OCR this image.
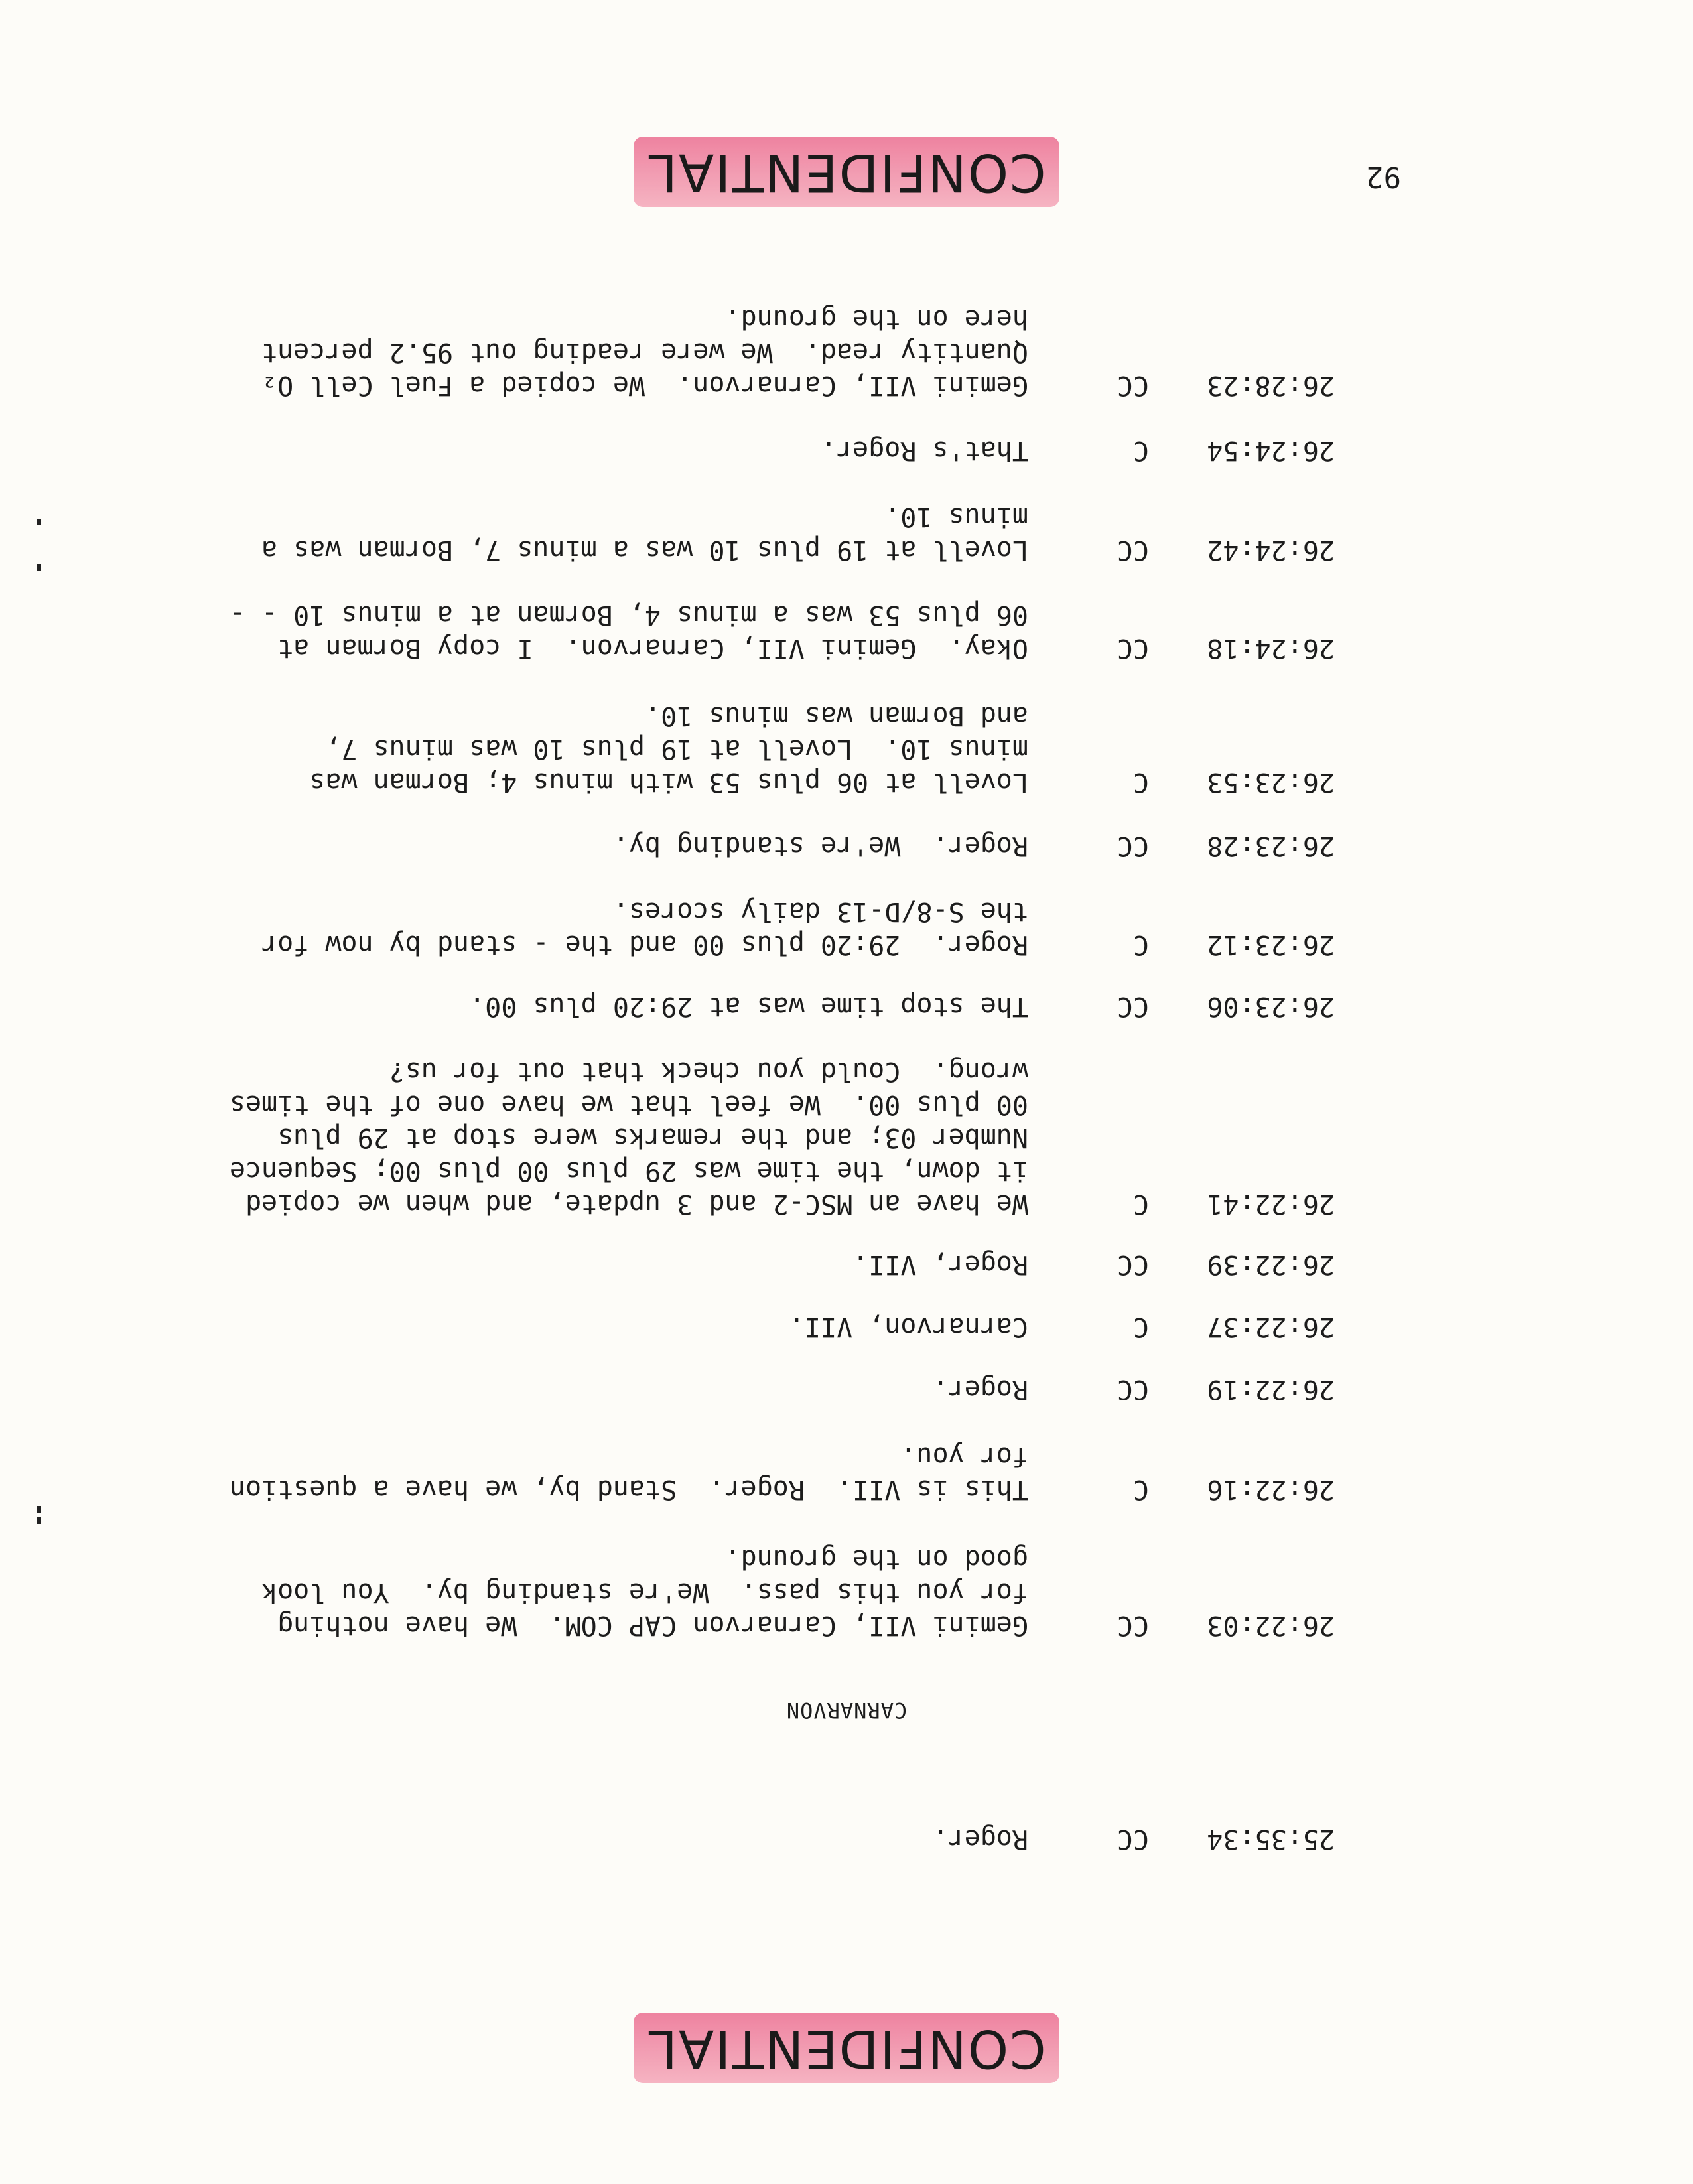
CONFIDENTIAL
CARNARVON
25:35:34
CC
Roger.
26:22:03
CC
Gemini VII, Carnarvon CAP COM.  We have nothing
for you this pass.  We're standing by.  You look
good on the ground.
26:22:16
C
This is VII.  Roger.  Stand by, we have a question
for you.
26:22:19
CC
Roger.
26:22:37
C
Carnarvon, VII.
26:22:39
CC
Roger, VII.
26:22:41
C
We have an MSC-2 and 3 update, and when we copied
it down, the time was 29 plus 00 plus 00; Sequence
Number 03; and the remarks were stop at 29 plus
00 plus 00.  We feel that we have one of the times
wrong.  Could you check that out for us?
26:23:06
CC
The stop time was at 29:20 plus 00.
26:23:12
C
Roger.  29:20 plus 00 and the - stand by now for
the S-8/D-13 daily scores.
26:23:28
CC
Roger.  We're standing by.
26:23:53
C
Lovell at 06 plus 53 with minus 4; Borman was
minus 10.  Lovell at 19 plus 10 was minus 7,
and Borman was minus 10.
26:24:18
CC
Okay.  Gemini VII, Carnarvon.  I copy Borman at
06 plus 53 was a minus 4, Borman at a minus 10 - -
26:24:42
CC
Lovell at 19 plus 10 was a minus 7, Borman was a
minus 10.
26:24:54
C
That's Roger.
26:28:23
CC
Gemini VII, Carnarvon.  We copied a Fuel Cell O₂
Quantity read.  We were reading out 95.2 percent
here on the ground.
92
CONFIDENTIAL
